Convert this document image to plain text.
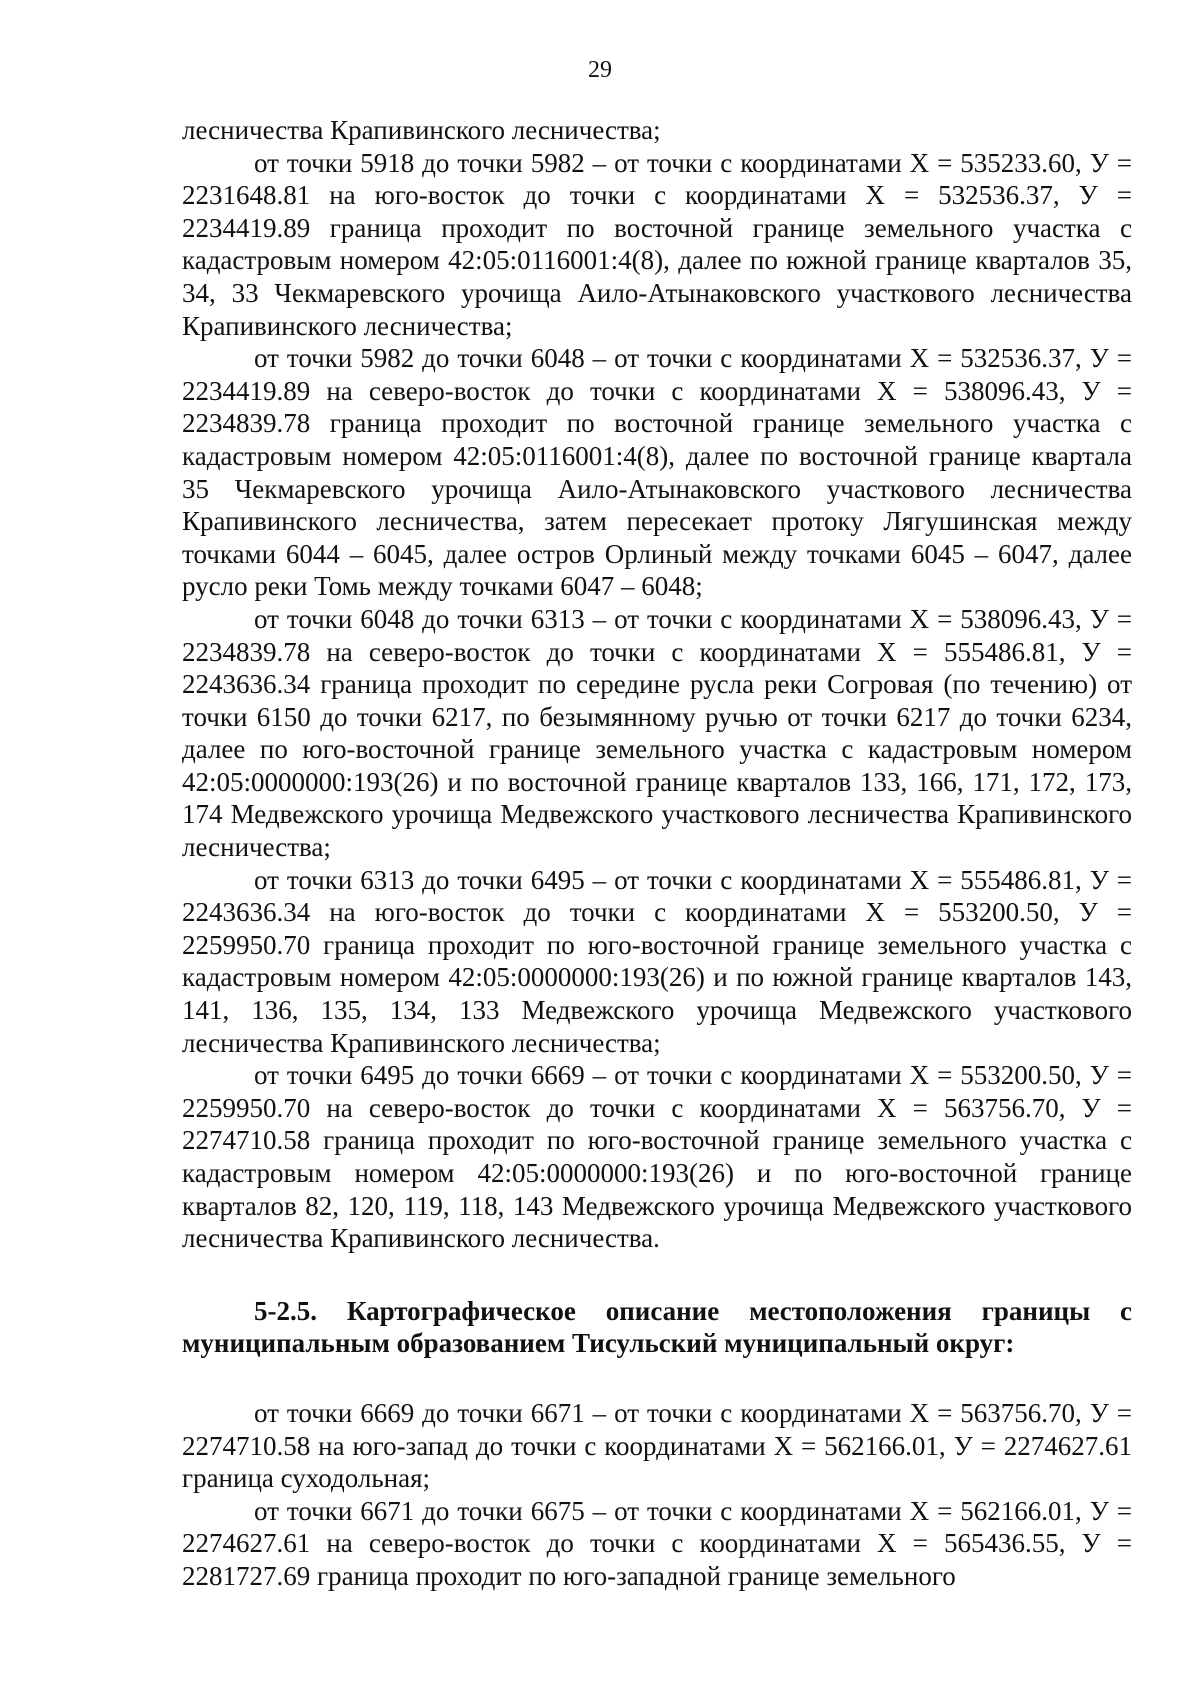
29

лесничества Крапивинского лесничества;

от точки 5918 до точки 5982 – от точки с координатами Х = 535233.60, У = 2231648.81 на юго-восток до точки с координатами Х = 532536.37, У = 2234419.89 граница проходит по восточной границе земельного участка с кадастровым номером 42:05:0116001:4(8), далее по южной границе кварталов 35, 34, 33 Чекмаревского урочища Аило-Атынаковского участкового лесничества Крапивинского лесничества;

от точки 5982 до точки 6048 – от точки с координатами Х = 532536.37, У = 2234419.89 на северо-восток до точки с координатами Х = 538096.43, У = 2234839.78 граница проходит по восточной границе земельного участка с кадастровым номером 42:05:0116001:4(8), далее по восточной границе квартала 35 Чекмаревского урочища Аило-Атынаковского участкового лесничества Крапивинского лесничества, затем пересекает протоку Лягушинская между точками 6044 – 6045, далее остров Орлиный между точками 6045 – 6047, далее русло реки Томь между точками 6047 – 6048;

от точки 6048 до точки 6313 – от точки с координатами Х = 538096.43, У = 2234839.78 на северо-восток до точки с координатами Х = 555486.81, У = 2243636.34 граница проходит по середине русла реки Согровая (по течению) от точки 6150 до точки 6217, по безымянному ручью от точки 6217 до точки 6234, далее по юго-восточной границе земельного участка с кадастровым номером 42:05:0000000:193(26) и по восточной границе кварталов 133, 166, 171, 172, 173, 174 Медвежского урочища Медвежского участкового лесничества Крапивинского лесничества;

от точки 6313 до точки 6495 – от точки с координатами Х = 555486.81, У = 2243636.34 на юго-восток до точки с координатами Х = 553200.50, У = 2259950.70 граница проходит по юго-восточной границе земельного участка с кадастровым номером 42:05:0000000:193(26) и по южной границе кварталов 143, 141, 136, 135, 134, 133 Медвежского урочища Медвежского участкового лесничества Крапивинского лесничества;

от точки 6495 до точки 6669 – от точки с координатами Х = 553200.50, У = 2259950.70 на северо-восток до точки с координатами Х = 563756.70, У = 2274710.58 граница проходит по юго-восточной границе земельного участка с кадастровым номером 42:05:0000000:193(26) и по юго-восточной границе кварталов 82, 120, 119, 118, 143 Медвежского урочища Медвежского участкового лесничества Крапивинского лесничества.

5-2.5. Картографическое описание местоположения границы с муниципальным образованием Тисульский муниципальный округ:

от точки 6669 до точки 6671 – от точки с координатами Х = 563756.70, У = 2274710.58 на юго-запад до точки с координатами Х = 562166.01, У = 2274627.61 граница суходольная;

от точки 6671 до точки 6675 – от точки с координатами Х = 562166.01, У = 2274627.61 на северо-восток до точки с координатами Х = 565436.55, У = 2281727.69 граница проходит по юго-западной границе земельного
